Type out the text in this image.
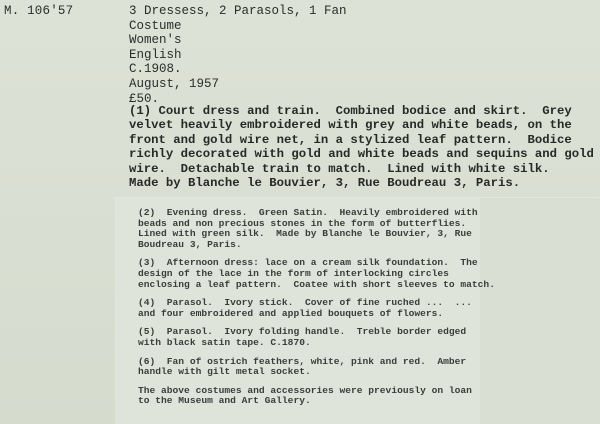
M. 106'57	3 Dressess, 2 Parasols, 1 Fan
Costume
Women's
English
C.1908.
August, 1957
£50.
(1) Court dress and train.  Combined bodice and skirt.  Grey
velvet heavily embroidered with grey and white beads, on the
front and gold wire net, in a stylized leaf pattern.  Bodice
richly decorated with gold and white beads and sequins and gold
wire.  Detachable train to match.  Lined with white silk.
Made by Blanche le Bouvier, 3, Rue Boudreau 3, Paris.
(2)  Evening dress.  Green Satin.  Heavily embroidered with
beads and non precious stones in the form of butterflies.
Lined with green silk.  Made by Blanche le Bouvier, 3, Rue
Boudreau 3, Paris.
(3)  Afternoon dress: lace on a cream silk foundation.  The
design of the lace in the form of interlocking circles
enclosing a leaf pattern.  Coatee with short sleeves to match.
(4)  Parasol.  Ivory stick.  Cover of fine ruched ...  ...
and four embroidered and applied bouquets of flowers.
(5)  Parasol.  Ivory folding handle.  Treble border edged
with black satin tape. C.1870.
(6)  Fan of ostrich feathers, white, pink and red.  Amber
handle with gilt metal socket.
The above costumes and accessories were previously on loan
to the Museum and Art Gallery.
